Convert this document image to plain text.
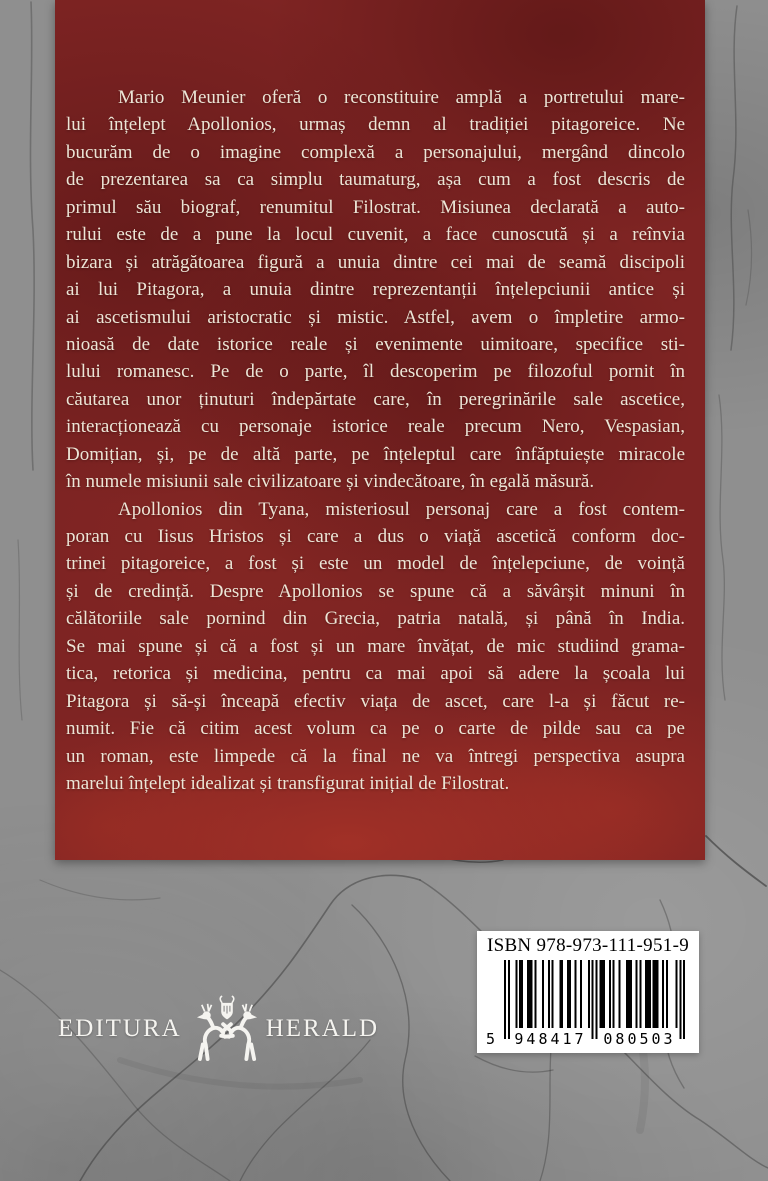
Mario Meunier oferă o reconstituire amplă a portretului mare-
lui înțelept Apollonios, urmaș demn al tradiției pitagoreice. Ne
bucurăm de o imagine complexă a personajului, mergând dincolo
de prezentarea sa ca simplu taumaturg, așa cum a fost descris de
primul său biograf, renumitul Filostrat. Misiunea declarată a auto-
rului este de a pune la locul cuvenit, a face cunoscută și a reînvia
bizara și atrăgătoarea figură a unuia dintre cei mai de seamă discipoli
ai lui Pitagora, a unuia dintre reprezentanții înțelepciunii antice și
ai ascetismului aristocratic și mistic. Astfel, avem o împletire armo-
nioasă de date istorice reale și evenimente uimitoare, specifice sti-
lului romanesc. Pe de o parte, îl descoperim pe filozoful pornit în
căutarea unor ținuturi îndepărtate care, în peregrinările sale ascetice,
interacționează cu personaje istorice reale precum Nero, Vespasian,
Domițian, și, pe de altă parte, pe înțeleptul care înfăptuiește miracole
în numele misiunii sale civilizatoare și vindecătoare, în egală măsură.
Apollonios din Tyana, misteriosul personaj care a fost contem-
poran cu Iisus Hristos și care a dus o viață ascetică conform doc-
trinei pitagoreice, a fost și este un model de înțelepciune, de voință
și de credință. Despre Apollonios se spune că a săvârșit minuni în
călătoriile sale pornind din Grecia, patria natală, și până în India.
Se mai spune și că a fost și un mare învățat, de mic studiind grama-
tica, retorica și medicina, pentru ca mai apoi să adere la școala lui
Pitagora și să-și înceapă efectiv viața de ascet, care l-a și făcut re-
numit. Fie că citim acest volum ca pe o carte de pilde sau ca pe
un roman, este limpede că la final ne va întregi perspectiva asupra
marelui înțelept idealizat și transfigurat inițial de Filostrat.
EDITURA	HERALD
ISBN 978-973-111-951-9
5 948417 080503
